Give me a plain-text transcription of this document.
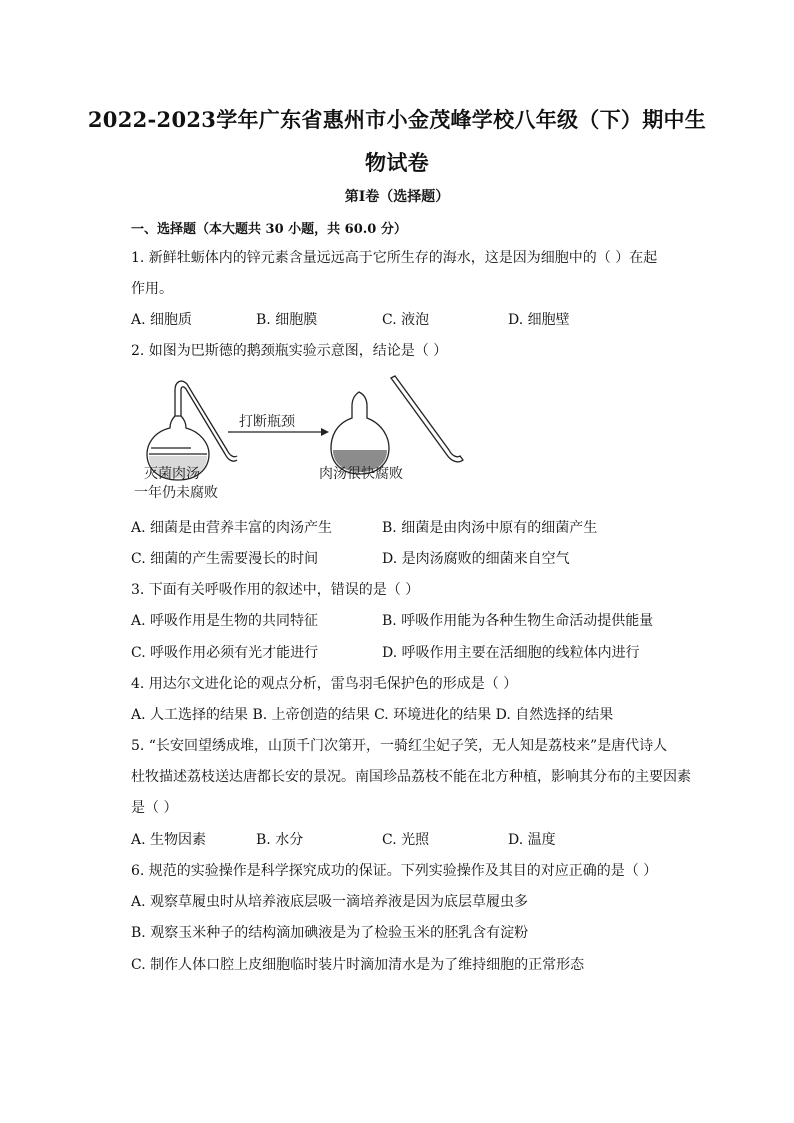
2022-2023学年广东省惠州市小金茂峰学校八年级（下）期中生
物试卷
第Ⅰ卷（选择题）
一、选择题（本大题共 30 小题，共 60.0 分）
1. 新鲜牡蛎体内的锌元素含量远远高于它所生存的海水，这是因为细胞中的（ ）在起
作用。
A. 细胞质	B. 细胞膜	C. 液泡	D. 细胞壁
2. 如图为巴斯德的鹅颈瓶实验示意图，结论是（ ）
打断瓶颈
灭菌肉汤
一年仍未腐败
肉汤很快腐败
A. 细菌是由营养丰富的肉汤产生	B. 细菌是由肉汤中原有的细菌产生
C. 细菌的产生需要漫长的时间	D. 是肉汤腐败的细菌来自空气
3. 下面有关呼吸作用的叙述中，错误的是（ ）
A. 呼吸作用是生物的共同特征	B. 呼吸作用能为各种生物生命活动提供能量
C. 呼吸作用必须有光才能进行	D. 呼吸作用主要在活细胞的线粒体内进行
4. 用达尔文进化论的观点分析，雷鸟羽毛保护色的形成是（ ）
A. 人工选择的结果 B. 上帝创造的结果 C. 环境进化的结果 D. 自然选择的结果
5. “长安回望绣成堆，山顶千门次第开，一骑红尘妃子笑，无人知是荔枝来”是唐代诗人
杜牧描述荔枝送达唐都长安的景况。南国珍品荔枝不能在北方种植，影响其分布的主要因素
是（ ）
A. 生物因素	B. 水分	C. 光照	D. 温度
6. 规范的实验操作是科学探究成功的保证。下列实验操作及其目的对应正确的是（ ）
A. 观察草履虫时从培养液底层吸一滴培养液是因为底层草履虫多
B. 观察玉米种子的结构滴加碘液是为了检验玉米的胚乳含有淀粉
C. 制作人体口腔上皮细胞临时装片时滴加清水是为了维持细胞的正常形态
